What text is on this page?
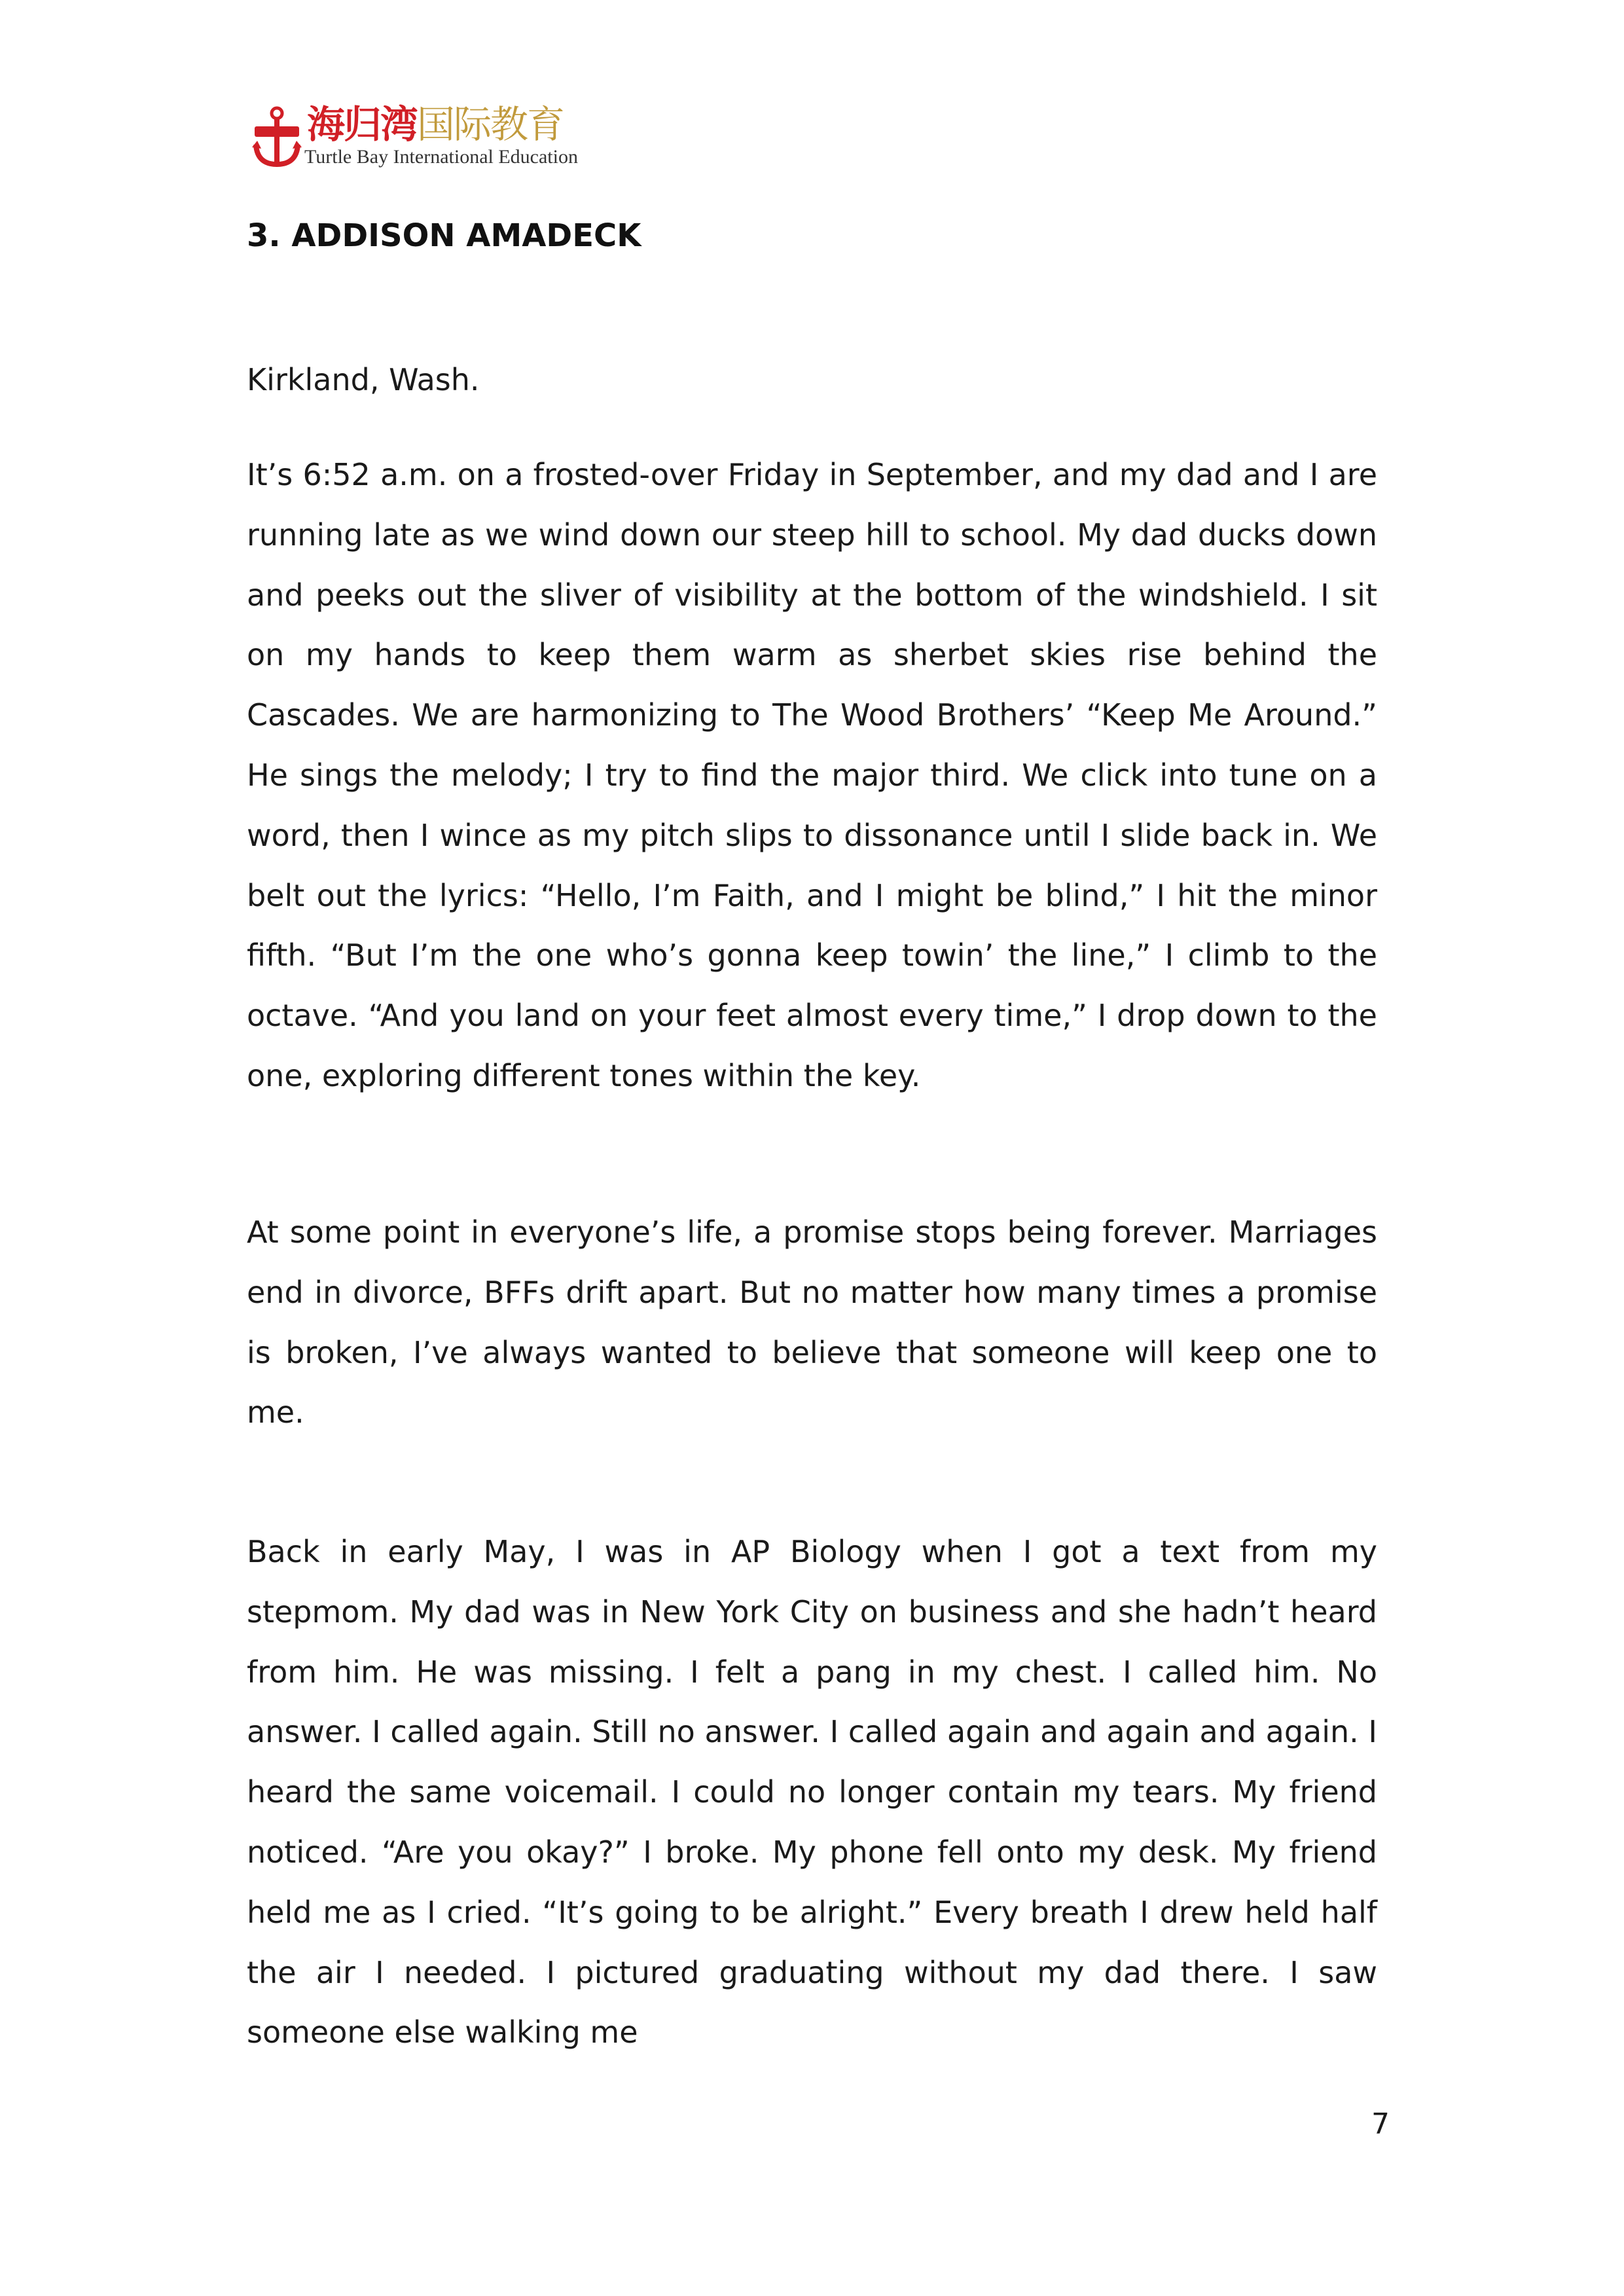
海归湾国际教育
Turtle Bay International Education
3. ADDISON AMADECK

Kirkland, Wash.

It’s 6:52 a.m. on a frosted-over Friday in September, and my dad and I are running late as we wind down our steep hill to school. My dad ducks down and peeks out the sliver of visibility at the bottom of the windshield. I sit on my hands to keep them warm as sherbet skies rise behind the Cascades. We are harmonizing to The Wood Brothers’ “Keep Me Around.” He sings the melody; I try to find the major third. We click into tune on a word, then I wince as my pitch slips to dissonance until I slide back in. We belt out the lyrics: “Hello, I’m Faith, and I might be blind,” I hit the minor fifth. “But I’m the one who’s gonna keep towin’ the line,” I climb to the octave. “And you land on your feet almost every time,” I drop down to the one, exploring different tones within the key.

At some point in everyone’s life, a promise stops being forever. Marriages end in divorce, BFFs drift apart. But no matter how many times a promise is broken, I’ve always wanted to believe that someone will keep one to me.

Back in early May, I was in AP Biology when I got a text from my stepmom. My dad was in New York City on business and she hadn’t heard from him. He was missing. I felt a pang in my chest. I called him. No answer. I called again. Still no answer. I called again and again and again. I heard the same voicemail. I could no longer contain my tears. My friend noticed. “Are you okay?” I broke. My phone fell onto my desk. My friend held me as I cried. “It’s going to be alright.” Every breath I drew held half the air I needed. I pictured graduating without my dad there. I saw someone else walking me

7
